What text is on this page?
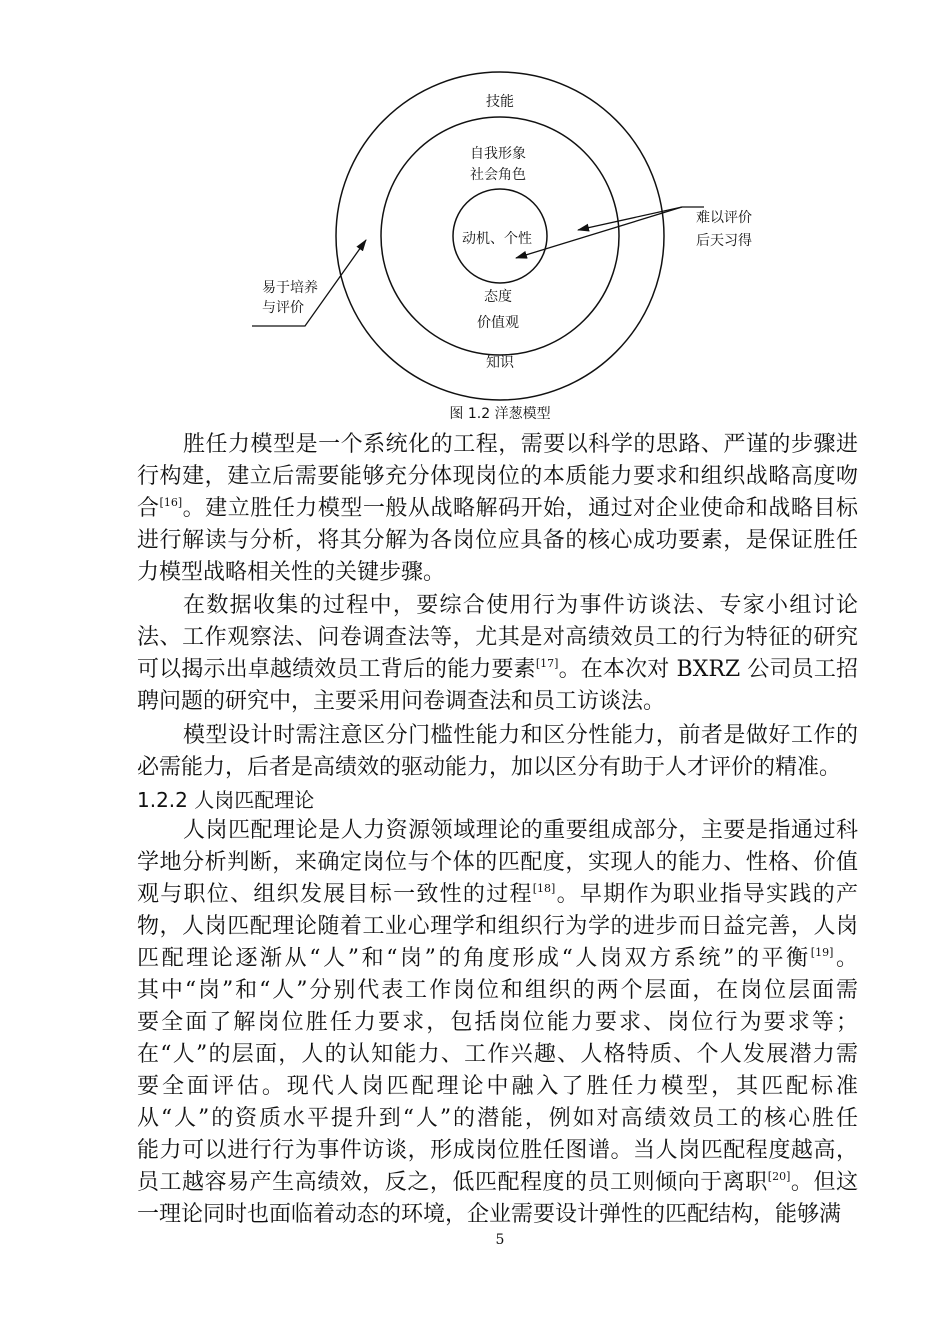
技能
自我形象
社会角色
动机、个性
态度
价值观
知识
难以评价
后天习得
易于培养
与评价
图 1.2 洋葱模型
胜任力模型是一个系统化的工程，需要以科学的思路、严谨的步骤进
行构建，建立后需要能够充分体现岗位的本质能力要求和组织战略高度吻
合[16]。建立胜任力模型一般从战略解码开始，通过对企业使命和战略目标
进行解读与分析，将其分解为各岗位应具备的核心成功要素，是保证胜任
力模型战略相关性的关键步骤。
在数据收集的过程中，要综合使用行为事件访谈法、专家小组讨论
法、工作观察法、问卷调查法等，尤其是对高绩效员工的行为特征的研究
可以揭示出卓越绩效员工背后的能力要素[17]。在本次对 BXRZ 公司员工招
聘问题的研究中，主要采用问卷调查法和员工访谈法。
模型设计时需注意区分门槛性能力和区分性能力，前者是做好工作的
必需能力，后者是高绩效的驱动能力，加以区分有助于人才评价的精准。
人岗匹配理论是人力资源领域理论的重要组成部分，主要是指通过科
学地分析判断，来确定岗位与个体的匹配度，实现人的能力、性格、价值
观与职位、组织发展目标一致性的过程[18]。早期作为职业指导实践的产
物，人岗匹配理论随着工业心理学和组织行为学的进步而日益完善，人岗
匹配理论逐渐从“人”和“岗”的角度形成“人岗双方系统”的平衡[19]。
其中“岗”和“人”分别代表工作岗位和组织的两个层面，在岗位层面需
要全面了解岗位胜任力要求，包括岗位能力要求、岗位行为要求等；
在“人”的层面，人的认知能力、工作兴趣、人格特质、个人发展潜力需
要全面评估。现代人岗匹配理论中融入了胜任力模型，其匹配标准
从“人”的资质水平提升到“人”的潜能，例如对高绩效员工的核心胜任
能力可以进行行为事件访谈，形成岗位胜任图谱。当人岗匹配程度越高，
员工越容易产生高绩效，反之，低匹配程度的员工则倾向于离职[20]。但这
一理论同时也面临着动态的环境，企业需要设计弹性的匹配结构，能够满
1.2.2 人岗匹配理论
5
